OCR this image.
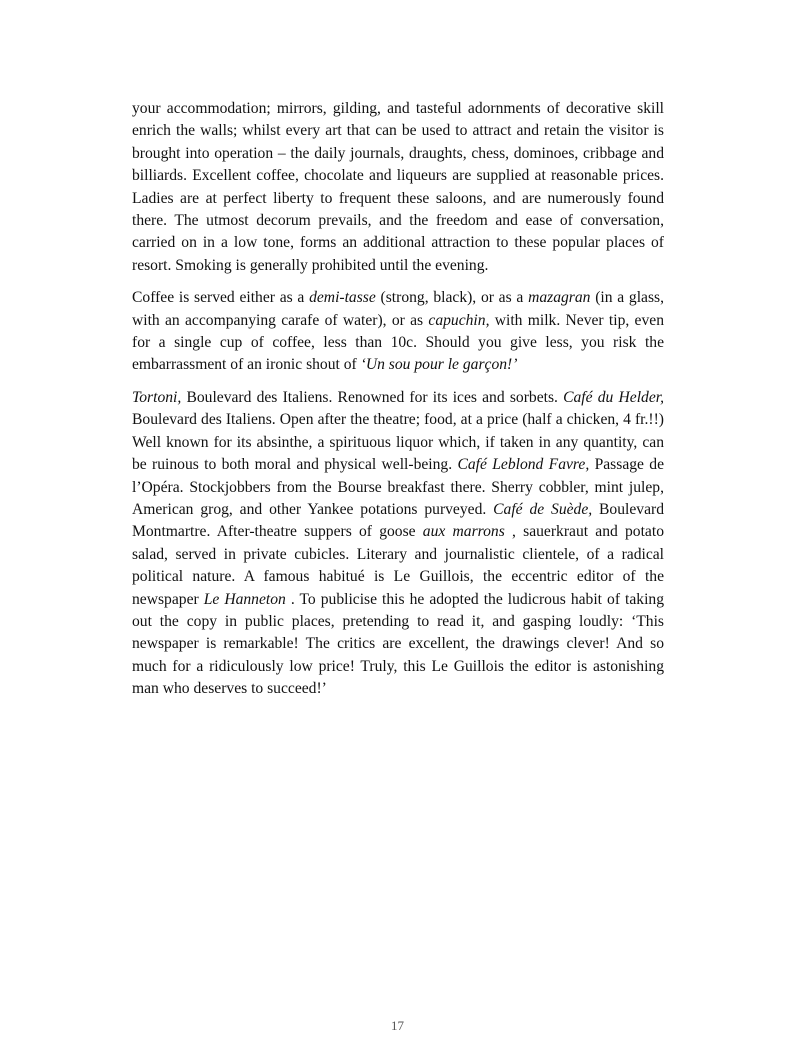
your accommodation; mirrors, gilding, and tasteful adornments of decorative skill enrich the walls; whilst every art that can be used to attract and retain the visitor is brought into operation – the daily journals, draughts, chess, dominoes, cribbage and billiards. Excellent coffee, chocolate and liqueurs are supplied at reasonable prices. Ladies are at perfect liberty to frequent these saloons, and are numerously found there. The utmost decorum prevails, and the freedom and ease of conversation, carried on in a low tone, forms an additional attraction to these popular places of resort. Smoking is generally prohibited until the evening.

Coffee is served either as a demi-tasse (strong, black), or as a mazagran (in a glass, with an accompanying carafe of water), or as capuchin, with milk. Never tip, even for a single cup of coffee, less than 10c. Should you give less, you risk the embarrassment of an ironic shout of ‘Un sou pour le garçon!’

Tortoni, Boulevard des Italiens. Renowned for its ices and sorbets. Café du Helder, Boulevard des Italiens. Open after the theatre; food, at a price (half a chicken, 4 fr.!!) Well known for its absinthe, a spirituous liquor which, if taken in any quantity, can be ruinous to both moral and physical well-being. Café Leblond Favre, Passage de l’Opéra. Stockjobbers from the Bourse breakfast there. Sherry cobbler, mint julep, American grog, and other Yankee potations purveyed. Café de Suède, Boulevard Montmartre. After-theatre suppers of goose aux marrons , sauerkraut and potato salad, served in private cubicles. Literary and journalistic clientele, of a radical political nature. A famous habitué is Le Guillois, the eccentric editor of the newspaper Le Hanneton . To publicise this he adopted the ludicrous habit of taking out the copy in public places, pretending to read it, and gasping loudly: ‘This newspaper is remarkable! The critics are excellent, the drawings clever! And so much for a ridiculously low price! Truly, this Le Guillois the editor is astonishing man who deserves to succeed!’

17
